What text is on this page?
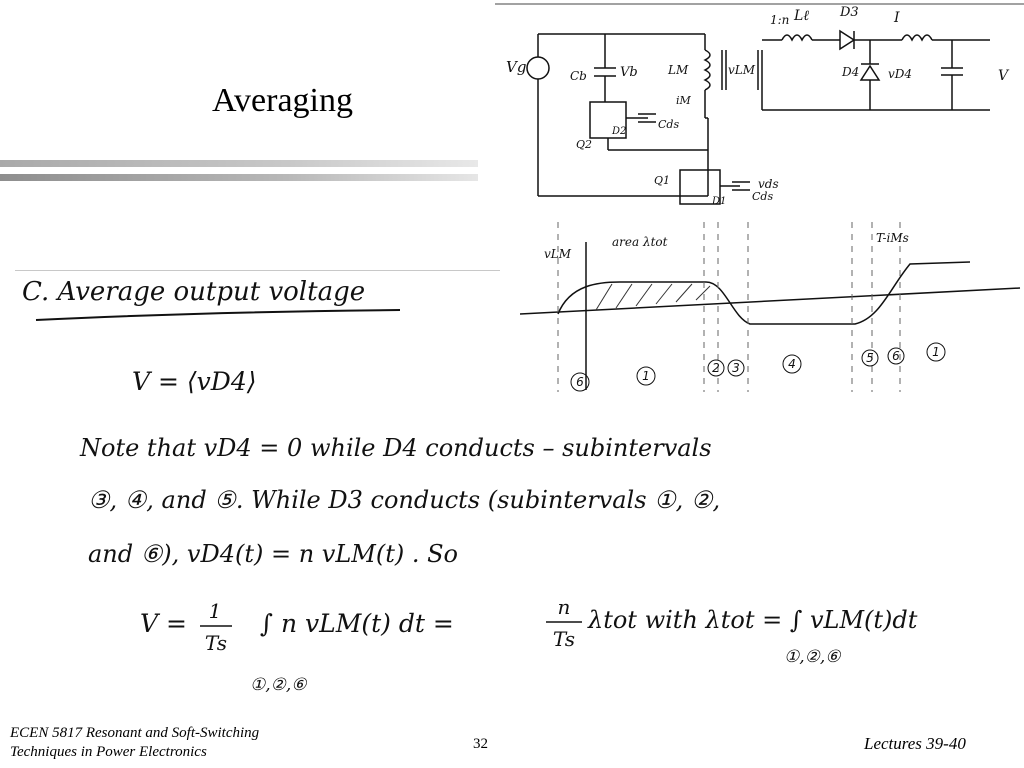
Averaging
Vg
1:n Lℓ D3	I
Cb	Vb	LM	vLM
iM
Q2
D2
Cds
Q1
D1 Cds
vds
D4 vD4	V
vLM
area λtot	T-iMs
6	1
2 3	4	5 6	1
C. Average output voltage
V = ⟨vD4⟩
Note that vD4 = 0 while D4 conducts – subintervals
③, ④, and ⑤. While D3 conducts (subintervals ①, ②,
and ⑥), vD4(t) = n vLM(t) . So
V = 1
Ts
∫ n vLM(t) dt =
n
Ts
λtot with λtot = ∫ vLM(t)dt
①,②,⑥
①,②,⑥
ECEN 5817 Resonant and Soft-Switching
Techniques in Power Electronics	32	Lectures 39-40
